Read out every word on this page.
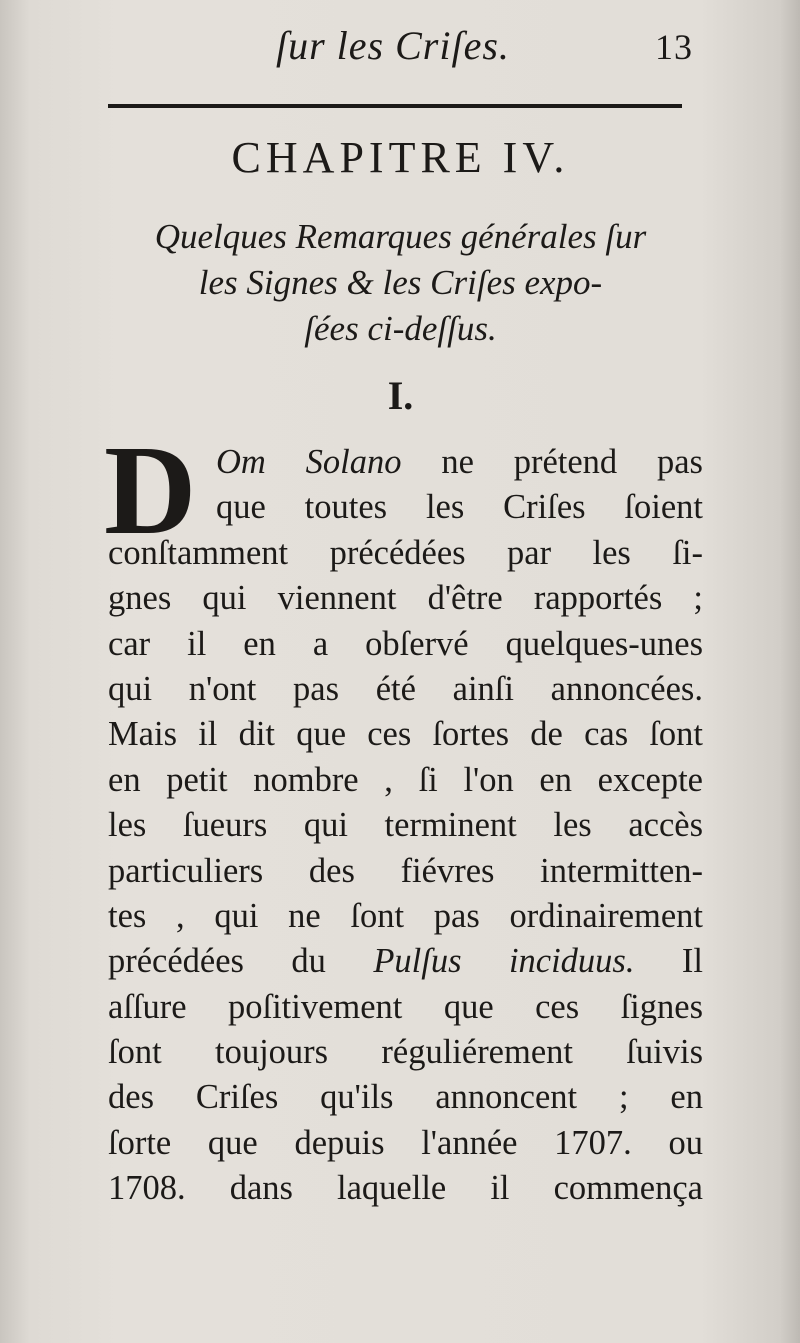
ſur les Criſes.	13
CHAPITRE IV.
Quelques Remarques générales ſur
les Signes & les Criſes expo-
ſées ci-deſſus.
I.
D Om Solano ne prétend pas
que toutes les Criſes ſoient
conſtamment précédées par les ſi-
gnes qui viennent d'être rapportés ;
car il en a obſervé quelques-unes
qui n'ont pas été ainſi annoncées.
Mais il dit que ces ſortes de cas ſont
en petit nombre , ſi l'on en excepte
les ſueurs qui terminent les accès
particuliers des fiévres intermitten-
tes , qui ne ſont pas ordinairement
précédées du Pulſus inciduus. Il
aſſure poſitivement que ces ſignes
ſont toujours réguliérement ſuivis
des Criſes qu'ils annoncent ; en
ſorte que depuis l'année 1707. ou
1708. dans laquelle il commença
